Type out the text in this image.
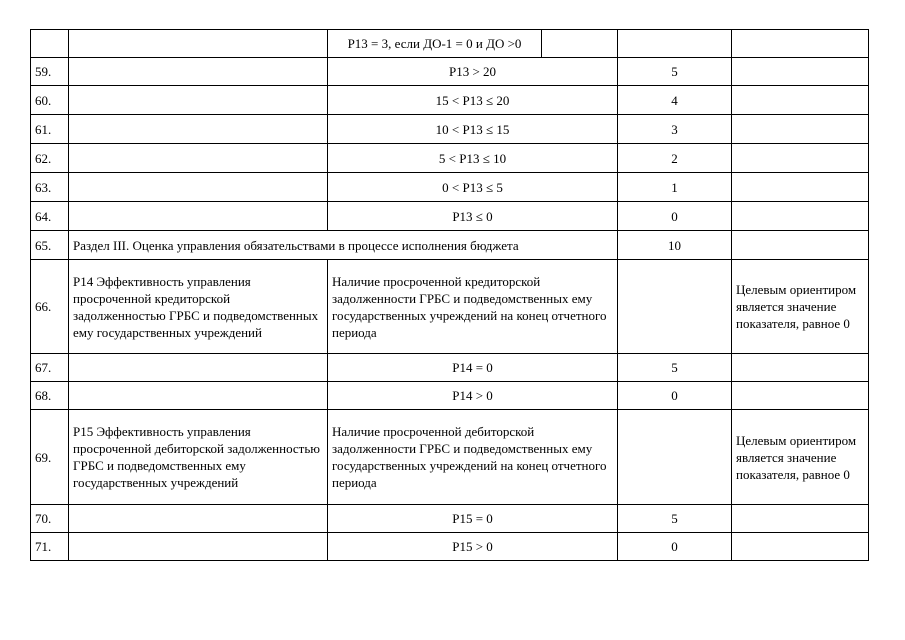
		Р13 = 3, если ДО-1 = 0 и ДО >0			
59.		Р13 > 20		5	
60.		15 < Р13 ≤ 20		4	
61.		10 < Р13 ≤ 15		3	
62.		5 < Р13 ≤ 10		2	
63.		0 < Р13 ≤ 5		1	
64.		Р13 ≤ 0		0	
65.	Раздел III. Оценка управления обязательствами в процессе исполнения бюджета			10	
66.	Р14 Эффективность управления просроченной кредиторской задолженностью ГРБС и подведомственных ему государственных учреждений	Наличие просроченной кредиторской задолженности ГРБС и подведомственных ему государственных учреждений на конец отчетного периода			Целевым ориентиром является значение показателя, равное 0
67.		Р14 = 0		5	
68.		Р14 > 0		0	
69.	Р15 Эффективность управления просроченной дебиторской задолженностью ГРБС и подведомственных ему государственных учреждений	Наличие просроченной дебиторской задолженности ГРБС и подведомственных ему государственных учреждений на конец отчетного периода			Целевым ориентиром является значение показателя, равное 0
70.		Р15 = 0		5	
71.		Р15 > 0		0	
